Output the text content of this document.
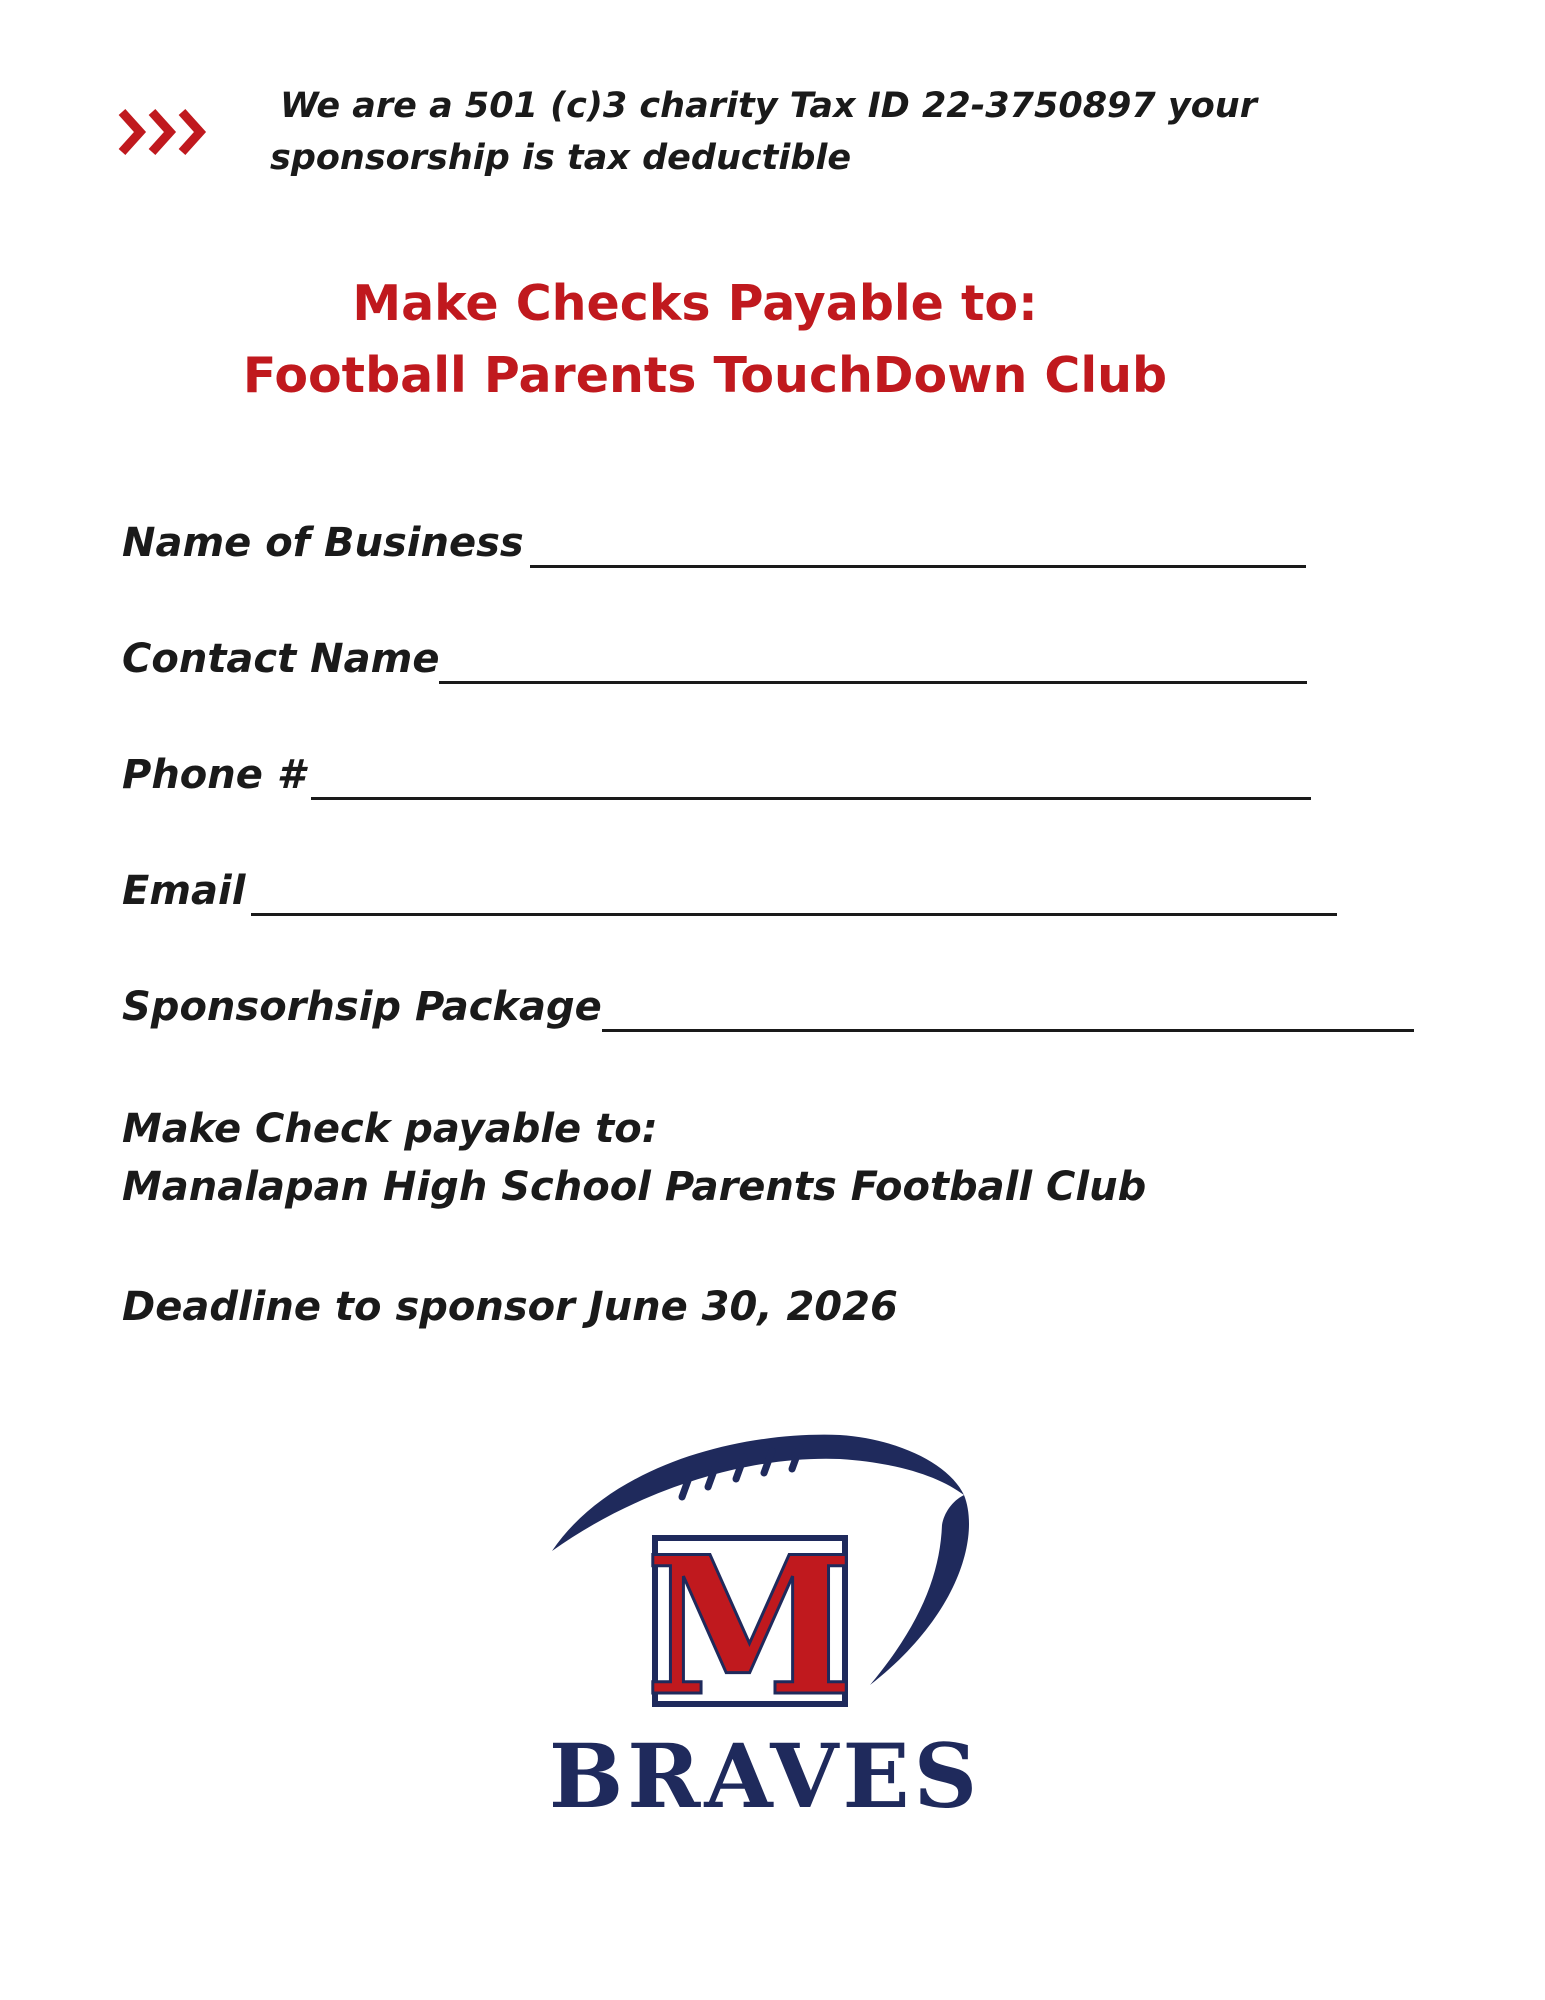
We are a 501 (c)3 charity Tax ID 22-3750897 your
sponsorship is tax deductible
Make Checks Payable to:
Football Parents TouchDown Club
Name of Business
Contact Name
Phone #
Email
Sponsorhsip Package
Make Check payable to:
Manalapan High School Parents Football Club
Deadline to sponsor June 30, 2026
M
BRAVES
